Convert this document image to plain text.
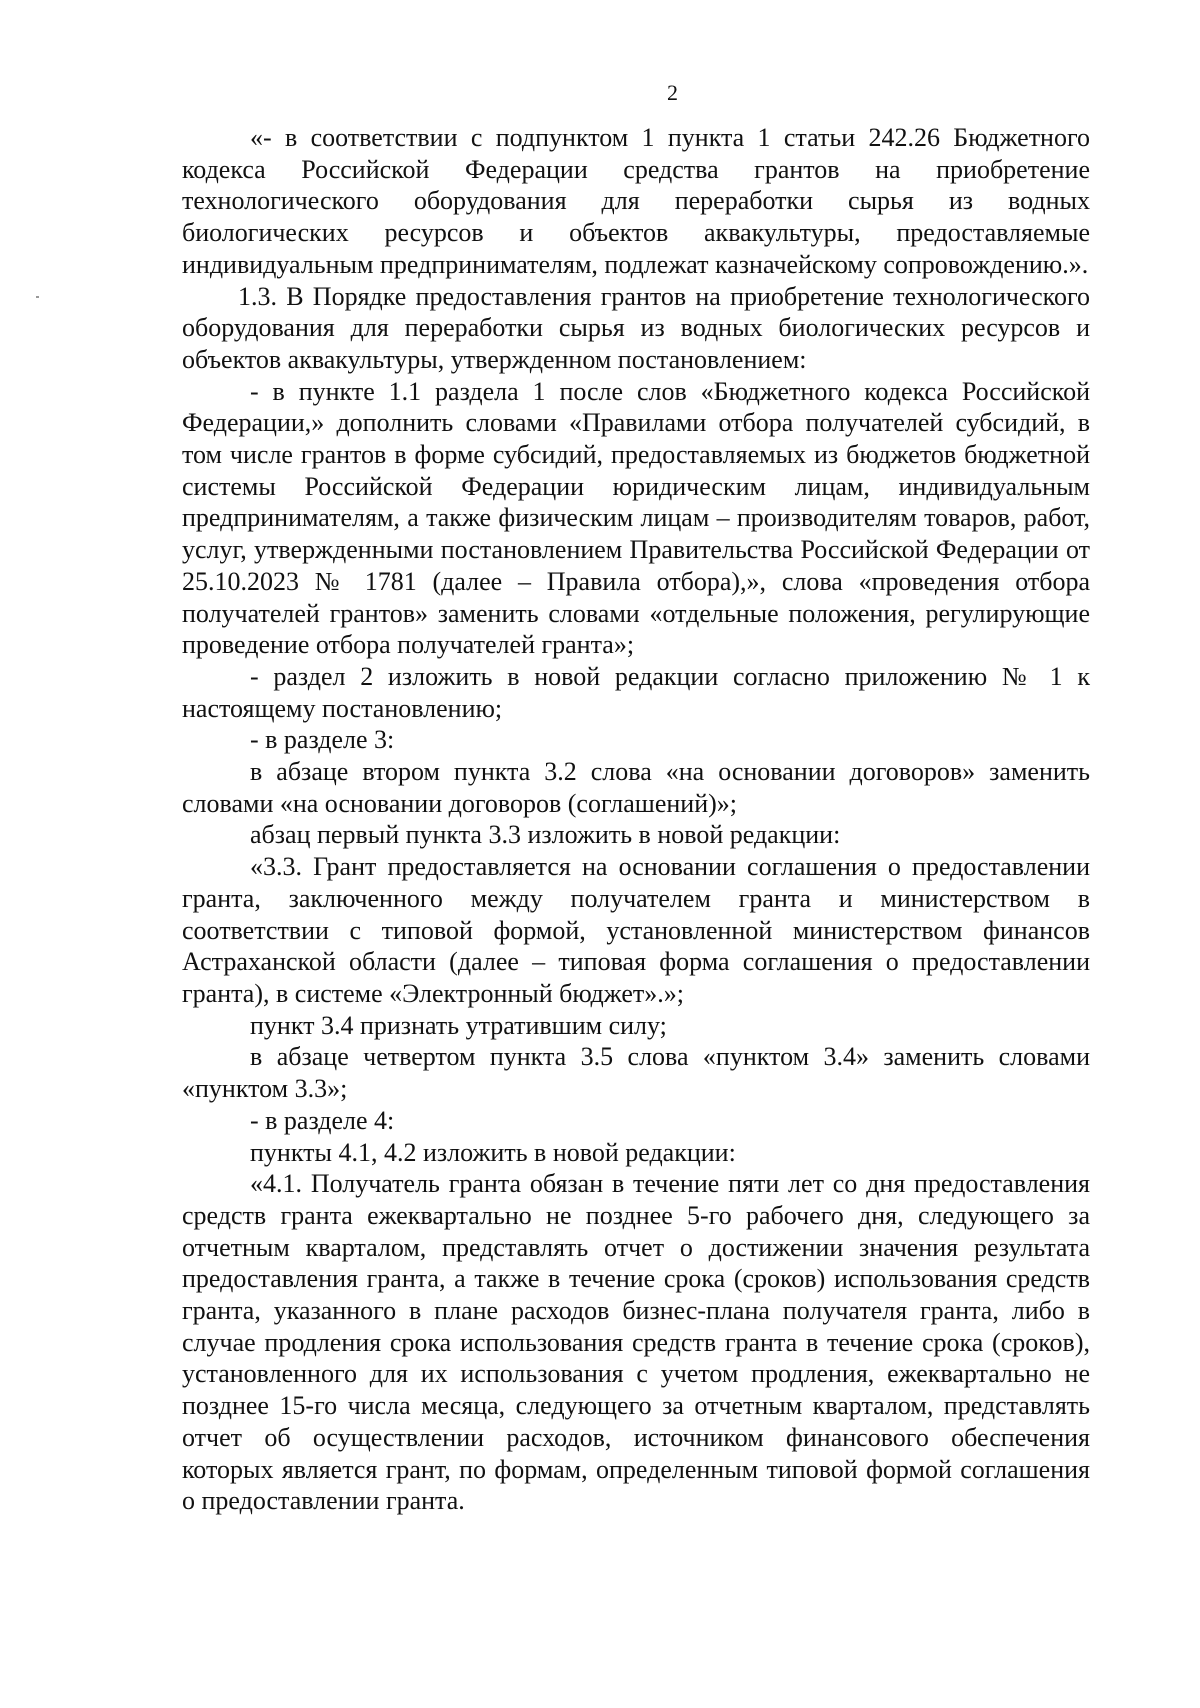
2

«- в соответствии с подпунктом 1 пункта 1 статьи 242.26 Бюджетного кодекса Российской Федерации средства грантов на приобретение технологического оборудования для переработки сырья из водных биологических ресурсов и объектов аквакультуры, предоставляемые индивидуальным предпринимателям, подлежат казначейскому сопровождению.».

1.3. В Порядке предоставления грантов на приобретение технологического оборудования для переработки сырья из водных биологических ресурсов и объектов аквакультуры, утвержденном постановлением:

- в пункте 1.1 раздела 1 после слов «Бюджетного кодекса Российской Федерации,» дополнить словами «Правилами отбора получателей субсидий, в том числе грантов в форме субсидий, предоставляемых из бюджетов бюджетной системы Российской Федерации юридическим лицам, индивидуальным предпринимателям, а также физическим лицам – производителям товаров, работ, услуг, утвержденными постановлением Правительства Российской Федерации от 25.10.2023 № 1781 (далее – Правила отбора),», слова «проведения отбора получателей грантов» заменить словами «отдельные положения, регулирующие проведение отбора получателей гранта»;

- раздел 2 изложить в новой редакции согласно приложению № 1 к настоящему постановлению;

- в разделе 3:

в абзаце втором пункта 3.2 слова «на основании договоров» заменить словами «на основании договоров (соглашений)»;

абзац первый пункта 3.3 изложить в новой редакции:

«3.3. Грант предоставляется на основании соглашения о предоставлении гранта, заключенного между получателем гранта и министерством в соответствии с типовой формой, установленной министерством финансов Астраханской области (далее – типовая форма соглашения о предоставлении гранта), в системе «Электронный бюджет».»;

пункт 3.4 признать утратившим силу;

в абзаце четвертом пункта 3.5 слова «пунктом 3.4» заменить словами «пунктом 3.3»;

- в разделе 4:

пункты 4.1, 4.2 изложить в новой редакции:

«4.1. Получатель гранта обязан в течение пяти лет со дня предоставления средств гранта ежеквартально не позднее 5-го рабочего дня, следующего за отчетным кварталом, представлять отчет о достижении значения результата предоставления гранта, а также в течение срока (сроков) использования средств гранта, указанного в плане расходов бизнес-плана получателя гранта, либо в случае продления срока использования средств гранта в течение срока (сроков), установленного для их использования с учетом продления, ежеквартально не позднее 15-го числа месяца, следующего за отчетным кварталом, представлять отчет об осуществлении расходов, источником финансового обеспечения которых является грант, по формам, определенным типовой формой соглашения о предоставлении гранта.
